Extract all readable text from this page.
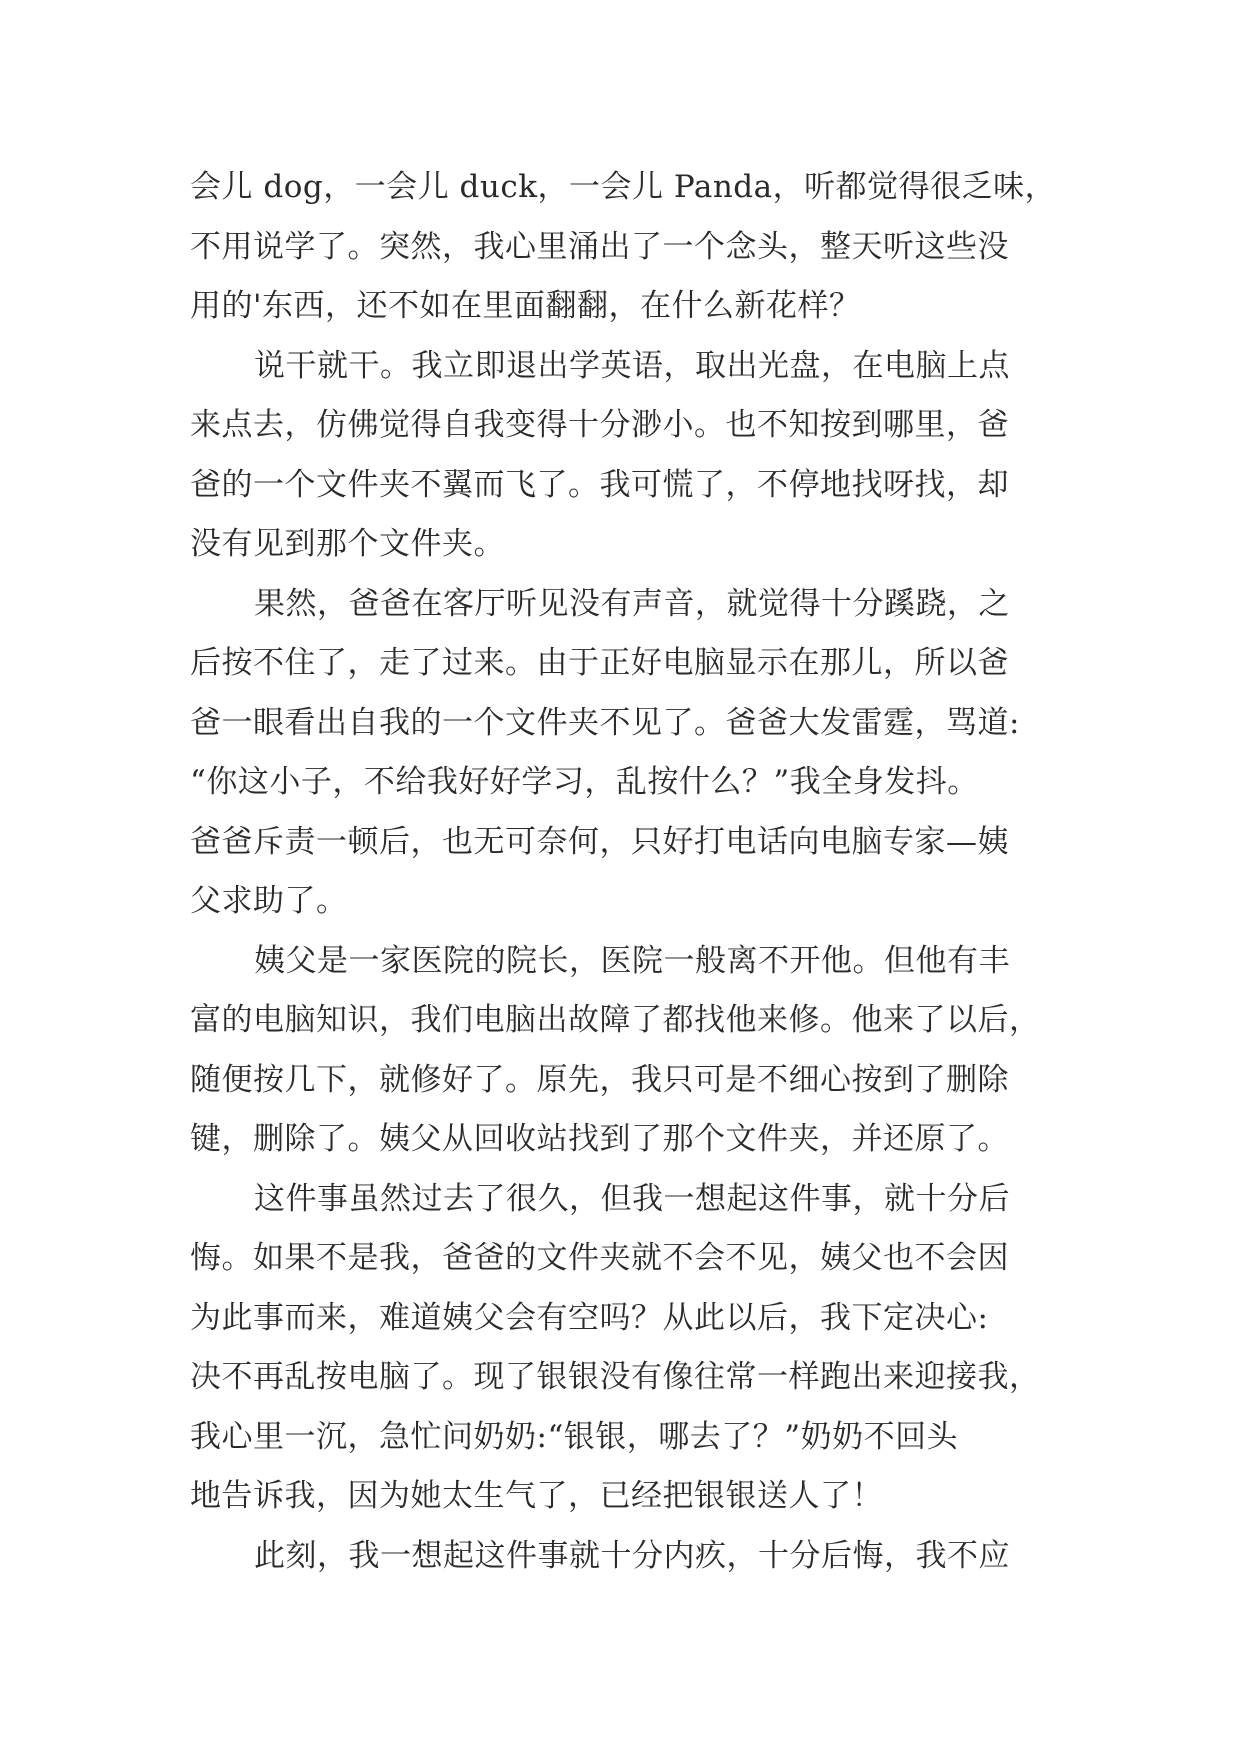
会儿 dog，一会儿 duck，一会儿 Panda，听都觉得很乏味，
不用说学了。突然，我心里涌出了一个念头，整天听这些没
用的'东西，还不如在里面翻翻，在什么新花样？
说干就干。我立即退出学英语，取出光盘，在电脑上点
来点去，仿佛觉得自我变得十分渺小。也不知按到哪里，爸
爸的一个文件夹不翼而飞了。我可慌了，不停地找呀找，却
没有见到那个文件夹。
果然，爸爸在客厅听见没有声音，就觉得十分蹊跷，之
后按不住了，走了过来。由于正好电脑显示在那儿，所以爸
爸一眼看出自我的一个文件夹不见了。爸爸大发雷霆，骂道:
“你这小子，不给我好好学习，乱按什么？”我全身发抖。
爸爸斥责一顿后，也无可奈何，只好打电话向电脑专家—姨
父求助了。
姨父是一家医院的院长，医院一般离不开他。但他有丰
富的电脑知识，我们电脑出故障了都找他来修。他来了以后，
随便按几下，就修好了。原先，我只可是不细心按到了删除
键，删除了。姨父从回收站找到了那个文件夹，并还原了。
这件事虽然过去了很久，但我一想起这件事，就十分后
悔。如果不是我，爸爸的文件夹就不会不见，姨父也不会因
为此事而来，难道姨父会有空吗？从此以后，我下定决心:
决不再乱按电脑了。现了银银没有像往常一样跑出来迎接我，
我心里一沉，急忙问奶奶:“银银，哪去了？”奶奶不回头
地告诉我，因为她太生气了，已经把银银送人了！
此刻，我一想起这件事就十分内疚，十分后悔，我不应
